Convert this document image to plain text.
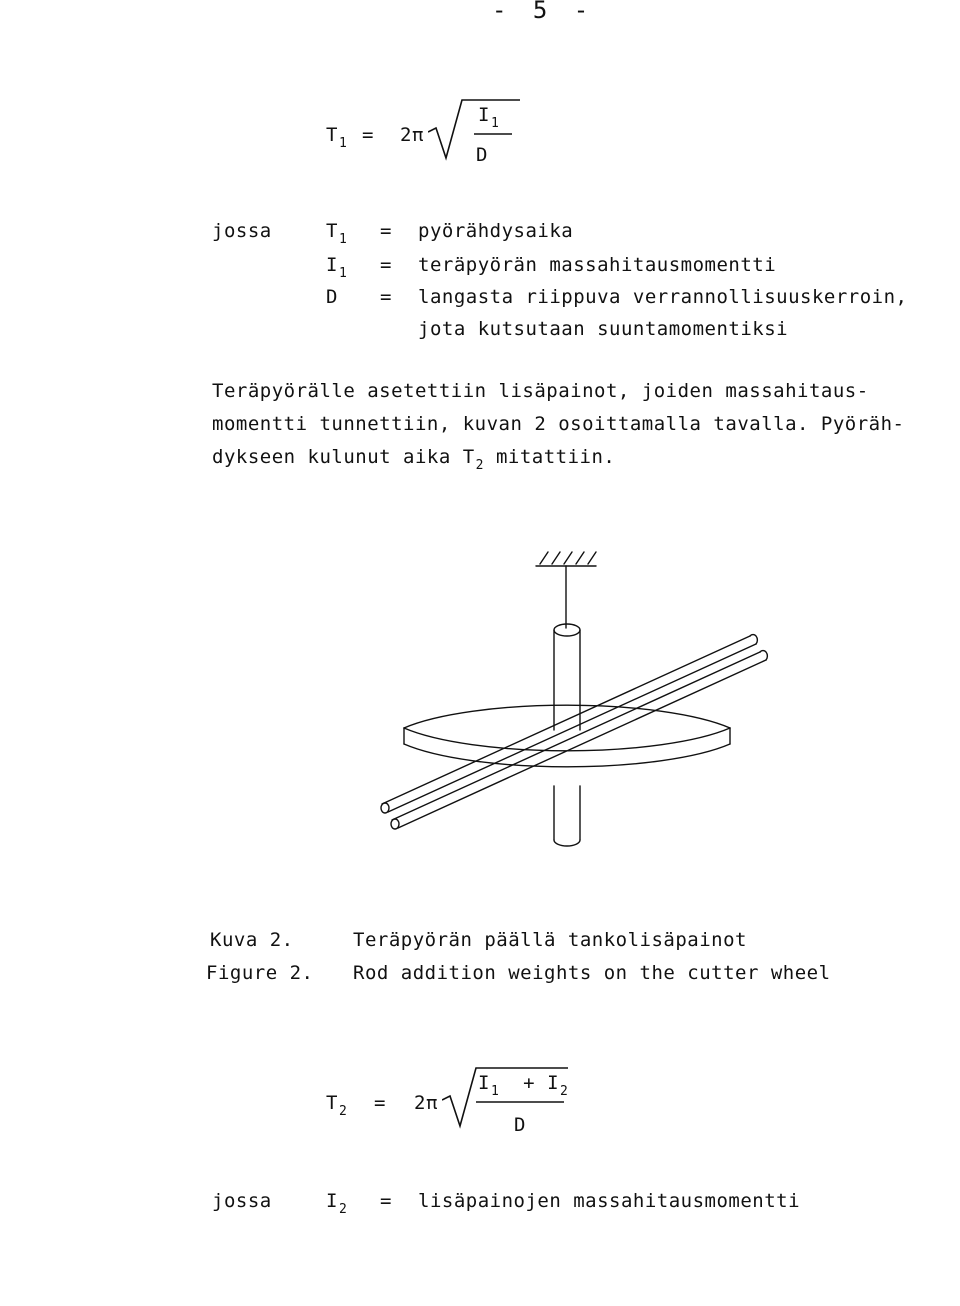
- 5 -
$T_1 = 2\pi$
$I_1$
D
jossa	$T_1$ = pyörähdysaika
$I_1$ = teräpyörän massahitausmomentti
D = langasta riippuva verrannollisuuskerroin,
jota kutsutaan suuntamomentiksi
Teräpyörälle asetettiin lisäpainot, joiden massahitaus-
momentti tunnettiin, kuvan 2 osoittamalla tavalla. Pyöräh-
dykseen kulunut aika $T_2$ mitattiin.
Kuva 2.	Teräpyörän päällä tankolisäpainot
Figure 2. Rod addition weights on the cutter wheel
$T_2 = 2\pi$
$I_1 + I_2$
D
jossa	$I_2$ = lisäpainojen massahitausmomentti
